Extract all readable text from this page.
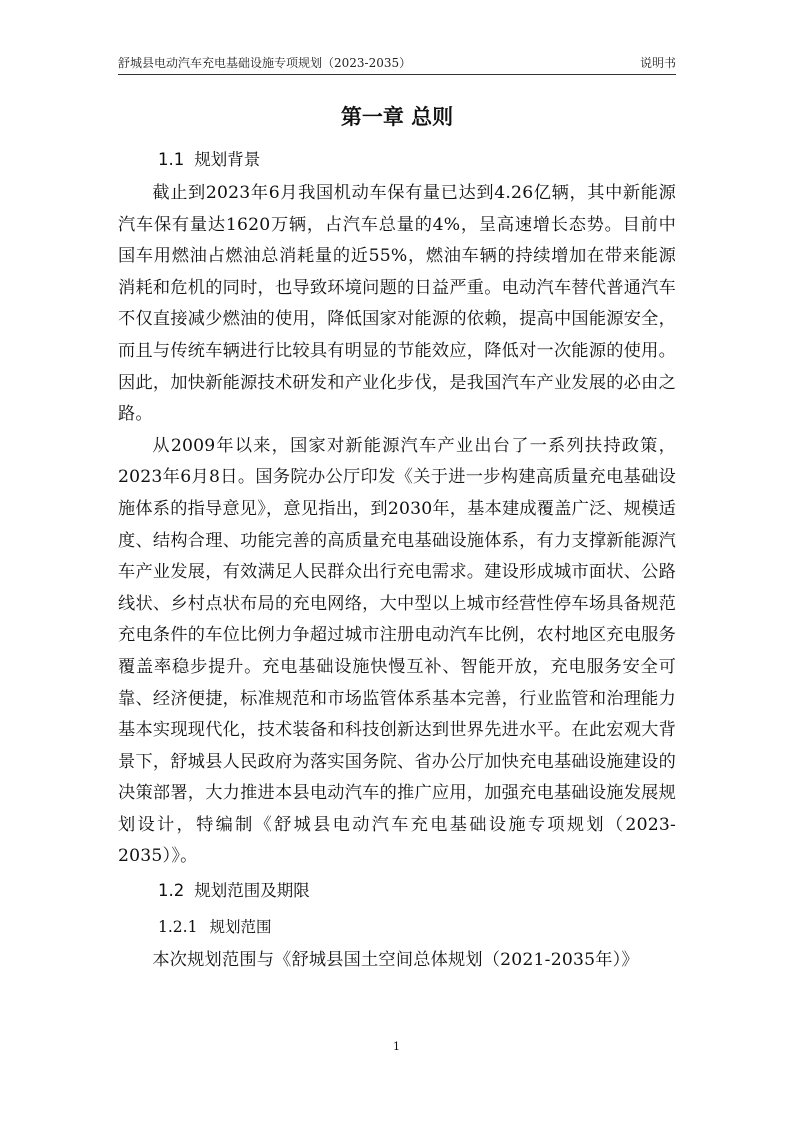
舒城县电动汽车充电基础设施专项规划（2023-2035）	说明书
第一章 总则
1.1 规划背景

截止到2023年6月我国机动车保有量已达到4.26亿辆，其中新能源汽车保有量达1620万辆，占汽车总量的4%，呈高速增长态势。目前中国车用燃油占燃油总消耗量的近55%，燃油车辆的持续增加在带来能源消耗和危机的同时，也导致环境问题的日益严重。电动汽车替代普通汽车不仅直接减少燃油的使用，降低国家对能源的依赖，提高中国能源安全，而且与传统车辆进行比较具有明显的节能效应，降低对一次能源的使用。因此，加快新能源技术研发和产业化步伐，是我国汽车产业发展的必由之路。

从2009年以来，国家对新能源汽车产业出台了一系列扶持政策，2023年6月8日。国务院办公厅印发《关于进一步构建高质量充电基础设施体系的指导意见》，意见指出，到2030年，基本建成覆盖广泛、规模适度、结构合理、功能完善的高质量充电基础设施体系，有力支撑新能源汽车产业发展，有效满足人民群众出行充电需求。建设形成城市面状、公路线状、乡村点状布局的充电网络，大中型以上城市经营性停车场具备规范充电条件的车位比例力争超过城市注册电动汽车比例，农村地区充电服务覆盖率稳步提升。充电基础设施快慢互补、智能开放，充电服务安全可靠、经济便捷，标准规范和市场监管体系基本完善，行业监管和治理能力基本实现现代化，技术装备和科技创新达到世界先进水平。在此宏观大背景下，舒城县人民政府为落实国务院、省办公厅加快充电基础设施建设的决策部署，大力推进本县电动汽车的推广应用，加强充电基础设施发展规划设计，特编制《舒城县电动汽车充电基础设施专项规划（2023-2035）》。

1.2 规划范围及期限
1.2.1 规划范围

本次规划范围与《舒城县国土空间总体规划（2021-2035年）》

1
